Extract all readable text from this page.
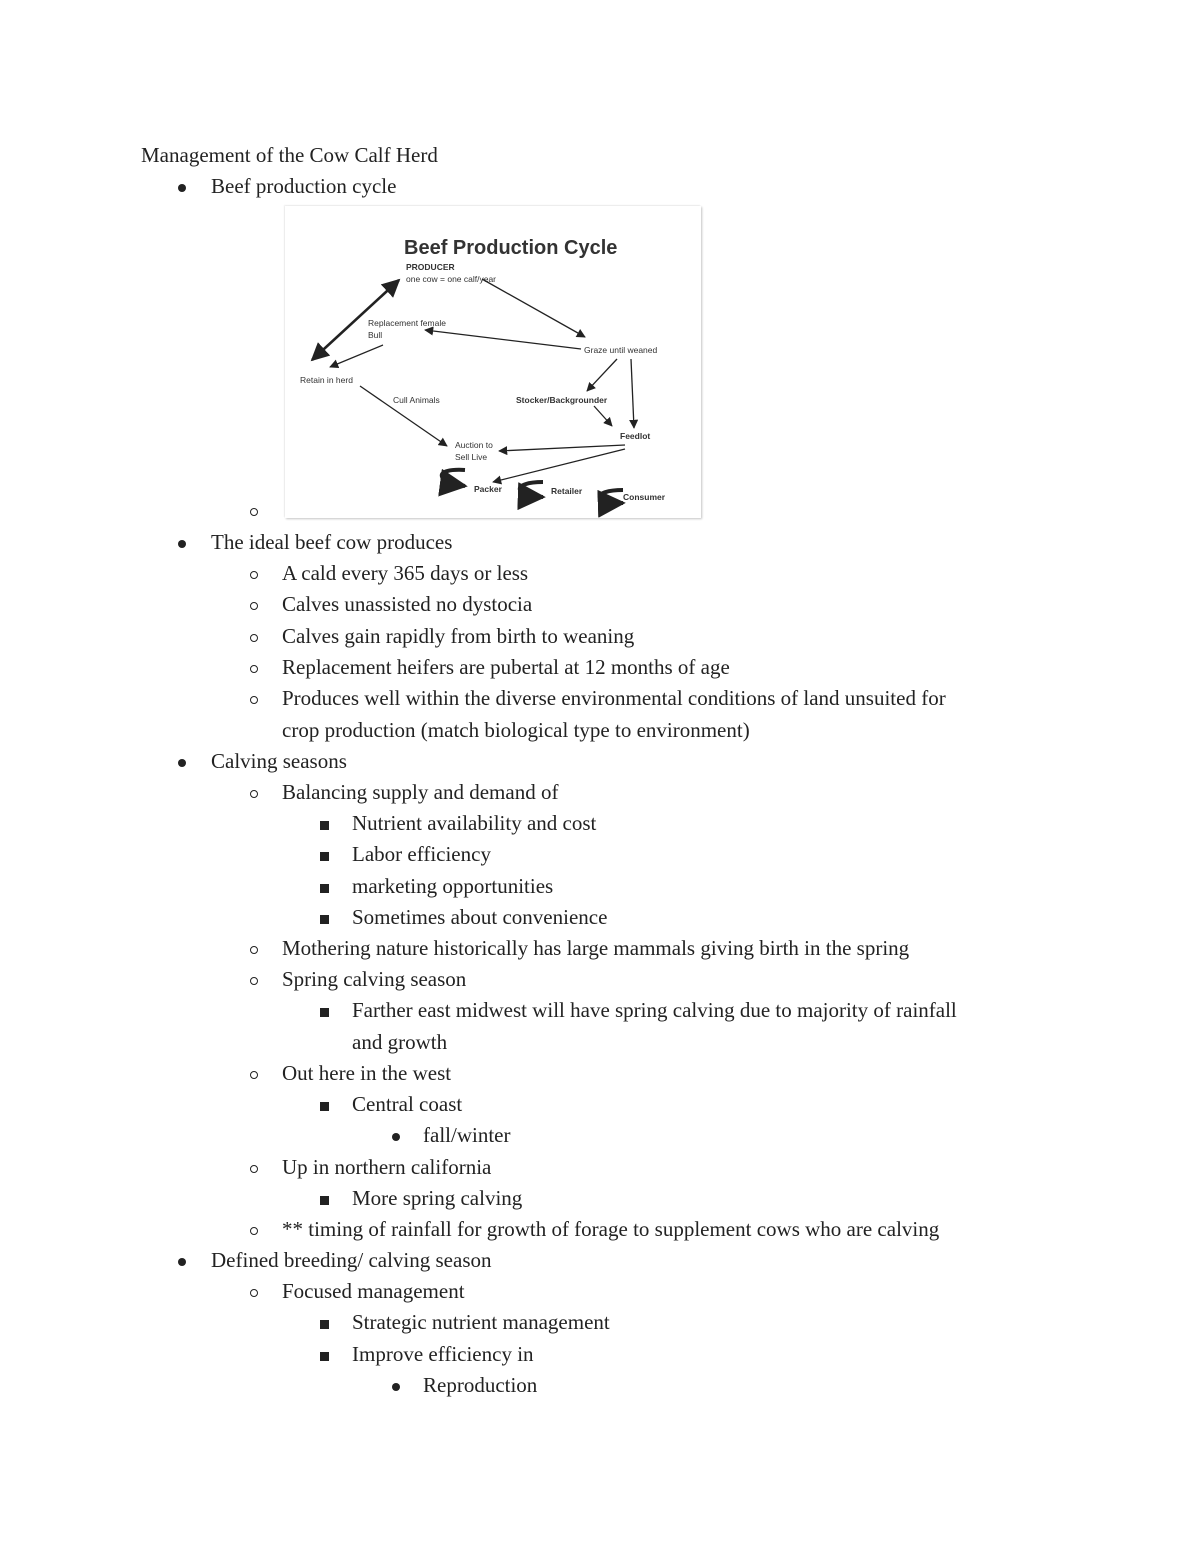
Management of the Cow Calf Herd
Beef production cycle
Beef Production Cycle
PRODUCER
one cow = one calf/year
Replacement female
Bull
Graze until weaned
Retain in herd
Cull Animals	Stocker/Backgrounder
Feedlot
Auction to
Sell Live
Packer	Retailer
Consumer
The ideal beef cow produces
A cald every 365 days or less
Calves unassisted no dystocia
Calves gain rapidly from birth to weaning
Replacement heifers are pubertal at 12 months of age
Produces well within the diverse environmental conditions of land unsuited for
crop production (match biological type to environment)
Calving seasons
Balancing supply and demand of
Nutrient availability and cost
Labor efficiency
marketing opportunities
Sometimes about convenience
Mothering nature historically has large mammals giving birth in the spring
Spring calving season
Farther east midwest will have spring calving due to majority of rainfall
and growth
Out here in the west
Central coast
fall/winter
Up in northern california
More spring calving
** timing of rainfall for growth of forage to supplement cows who are calving
Defined breeding/ calving season
Focused management
Strategic nutrient management
Improve efficiency in
Reproduction
